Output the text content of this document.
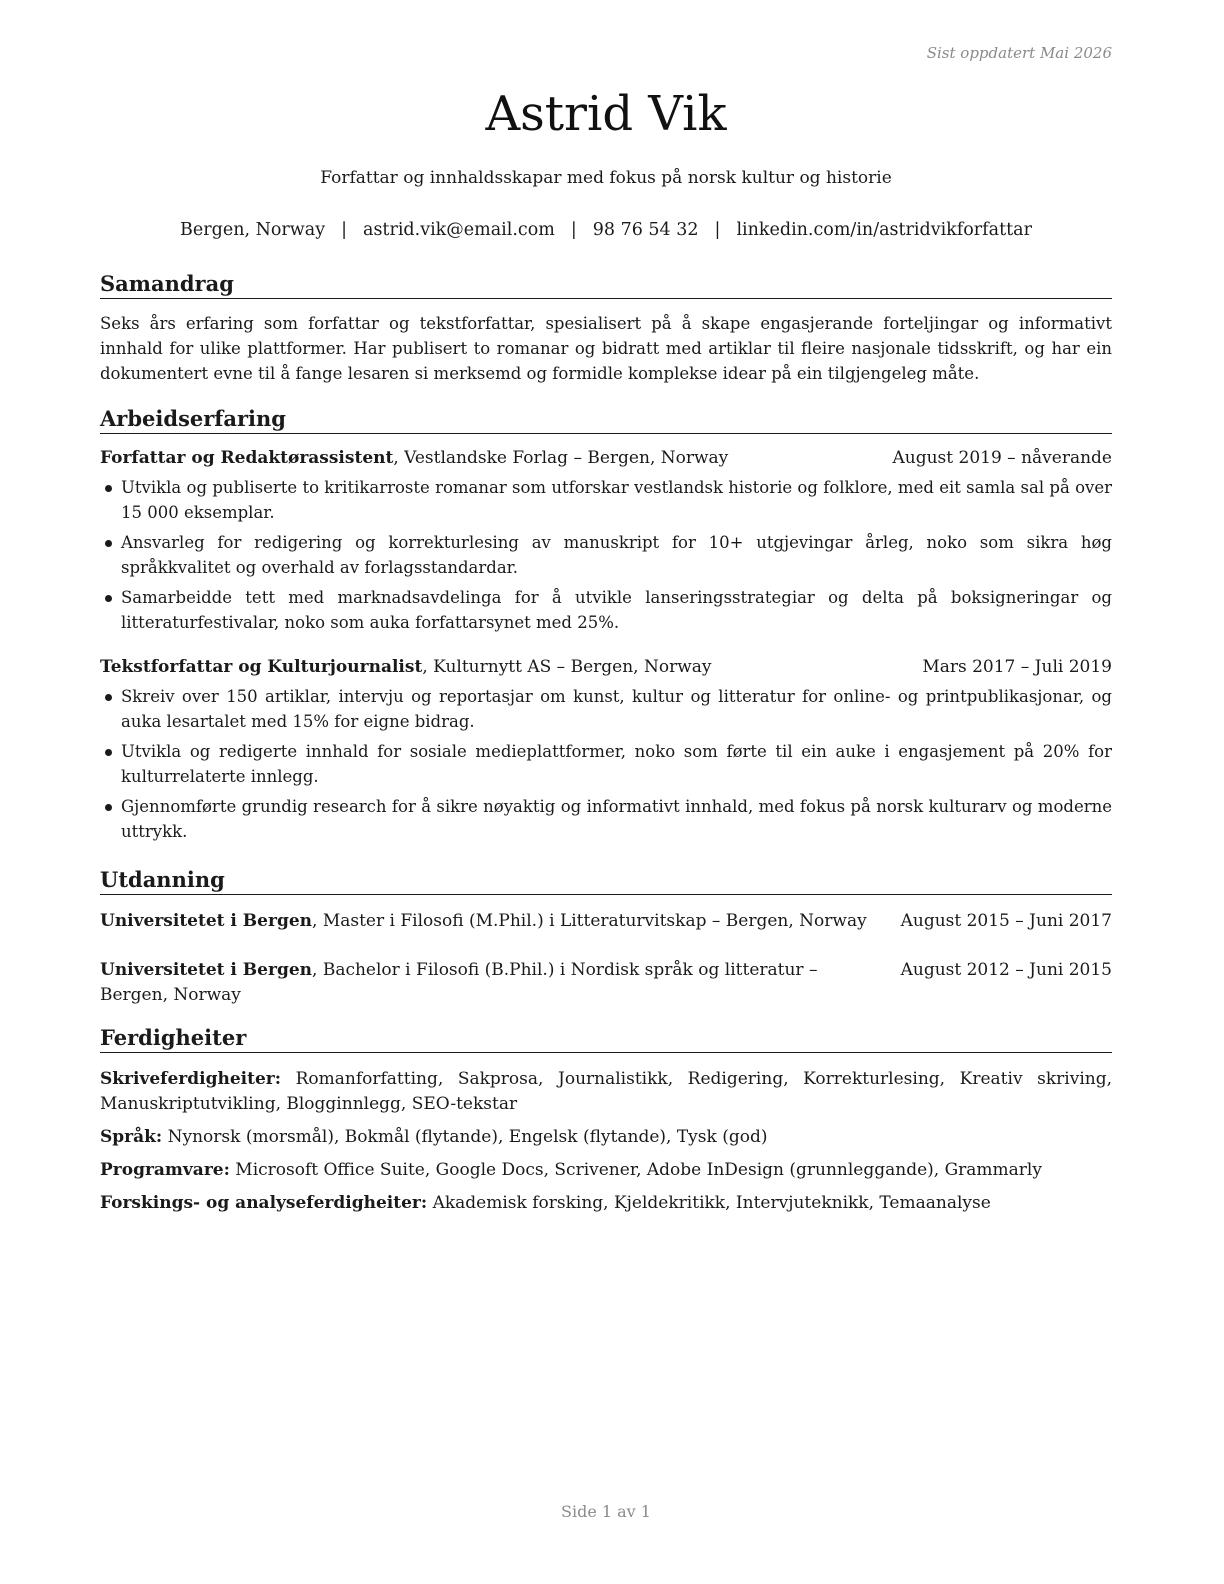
Sist oppdatert Mai 2026
Astrid Vik
Forfattar og innhaldsskapar med fokus på norsk kultur og historie
Bergen, Norway | astrid.vik@email.com | 98 76 54 32 | linkedin.com/in/astridvikforfattar
Samandrag

Seks års erfaring som forfattar og tekstforfattar, spesialisert på å skape engasjerande forteljingar og informativt innhald for ulike plattformer. Har publisert to romanar og bidratt med artiklar til fleire nasjonale tidsskrift, og har ein dokumentert evne til å fange lesaren si merksemd og formidle komplekse idear på ein tilgjengeleg måte.

Arbeidserfaring
Forfattar og Redaktørassistent, Vestlandske Forlag – Bergen, Norway	August 2019 – nåverande
Utvikla og publiserte to kritikarroste romanar som utforskar vestlandsk historie og folklore, med eit samla sal på over 15 000 eksemplar.
Ansvarleg for redigering og korrekturlesing av manuskript for 10+ utgjevingar årleg, noko som sikra høg språkkvalitet og overhald av forlagsstandardar.
Samarbeidde tett med marknadsavdelinga for å utvikle lanseringsstrategiar og delta på boksigneringar og litteraturfestivalar, noko som auka forfattarsynet med 25%.
Tekstforfattar og Kulturjournalist, Kulturnytt AS – Bergen, Norway	Mars 2017 – Juli 2019
Skreiv over 150 artiklar, intervju og reportasjar om kunst, kultur og litteratur for online- og printpublikasjonar, og auka lesartalet med 15% for eigne bidrag.
Utvikla og redigerte innhald for sosiale medieplattformer, noko som førte til ein auke i engasjement på 20% for kulturrelaterte innlegg.
Gjennomførte grundig research for å sikre nøyaktig og informativt innhald, med fokus på norsk kulturarv og moderne uttrykk.
Utdanning
Universitetet i Bergen, Master i Filosofi (M.Phil.) i Litteraturvitskap – Bergen, Norway	August 2015 – Juni 2017
Universitetet i Bergen, Bachelor i Filosofi (B.Phil.) i Nordisk språk og litteratur – Bergen, Norway
August 2012 – Juni 2015
Ferdigheiter
Skriveferdigheiter: Romanforfatting, Sakprosa, Journalistikk, Redigering, Korrekturlesing, Kreativ skriving, Manuskriptutvikling, Blogginnlegg, SEO-tekstar
Språk: Nynorsk (morsmål), Bokmål (flytande), Engelsk (flytande), Tysk (god)
Programvare: Microsoft Office Suite, Google Docs, Scrivener, Adobe InDesign (grunnleggande), Grammarly
Forskings- og analyseferdigheiter: Akademisk forsking, Kjeldekritikk, Intervjuteknikk, Temaanalyse
Side 1 av 1
